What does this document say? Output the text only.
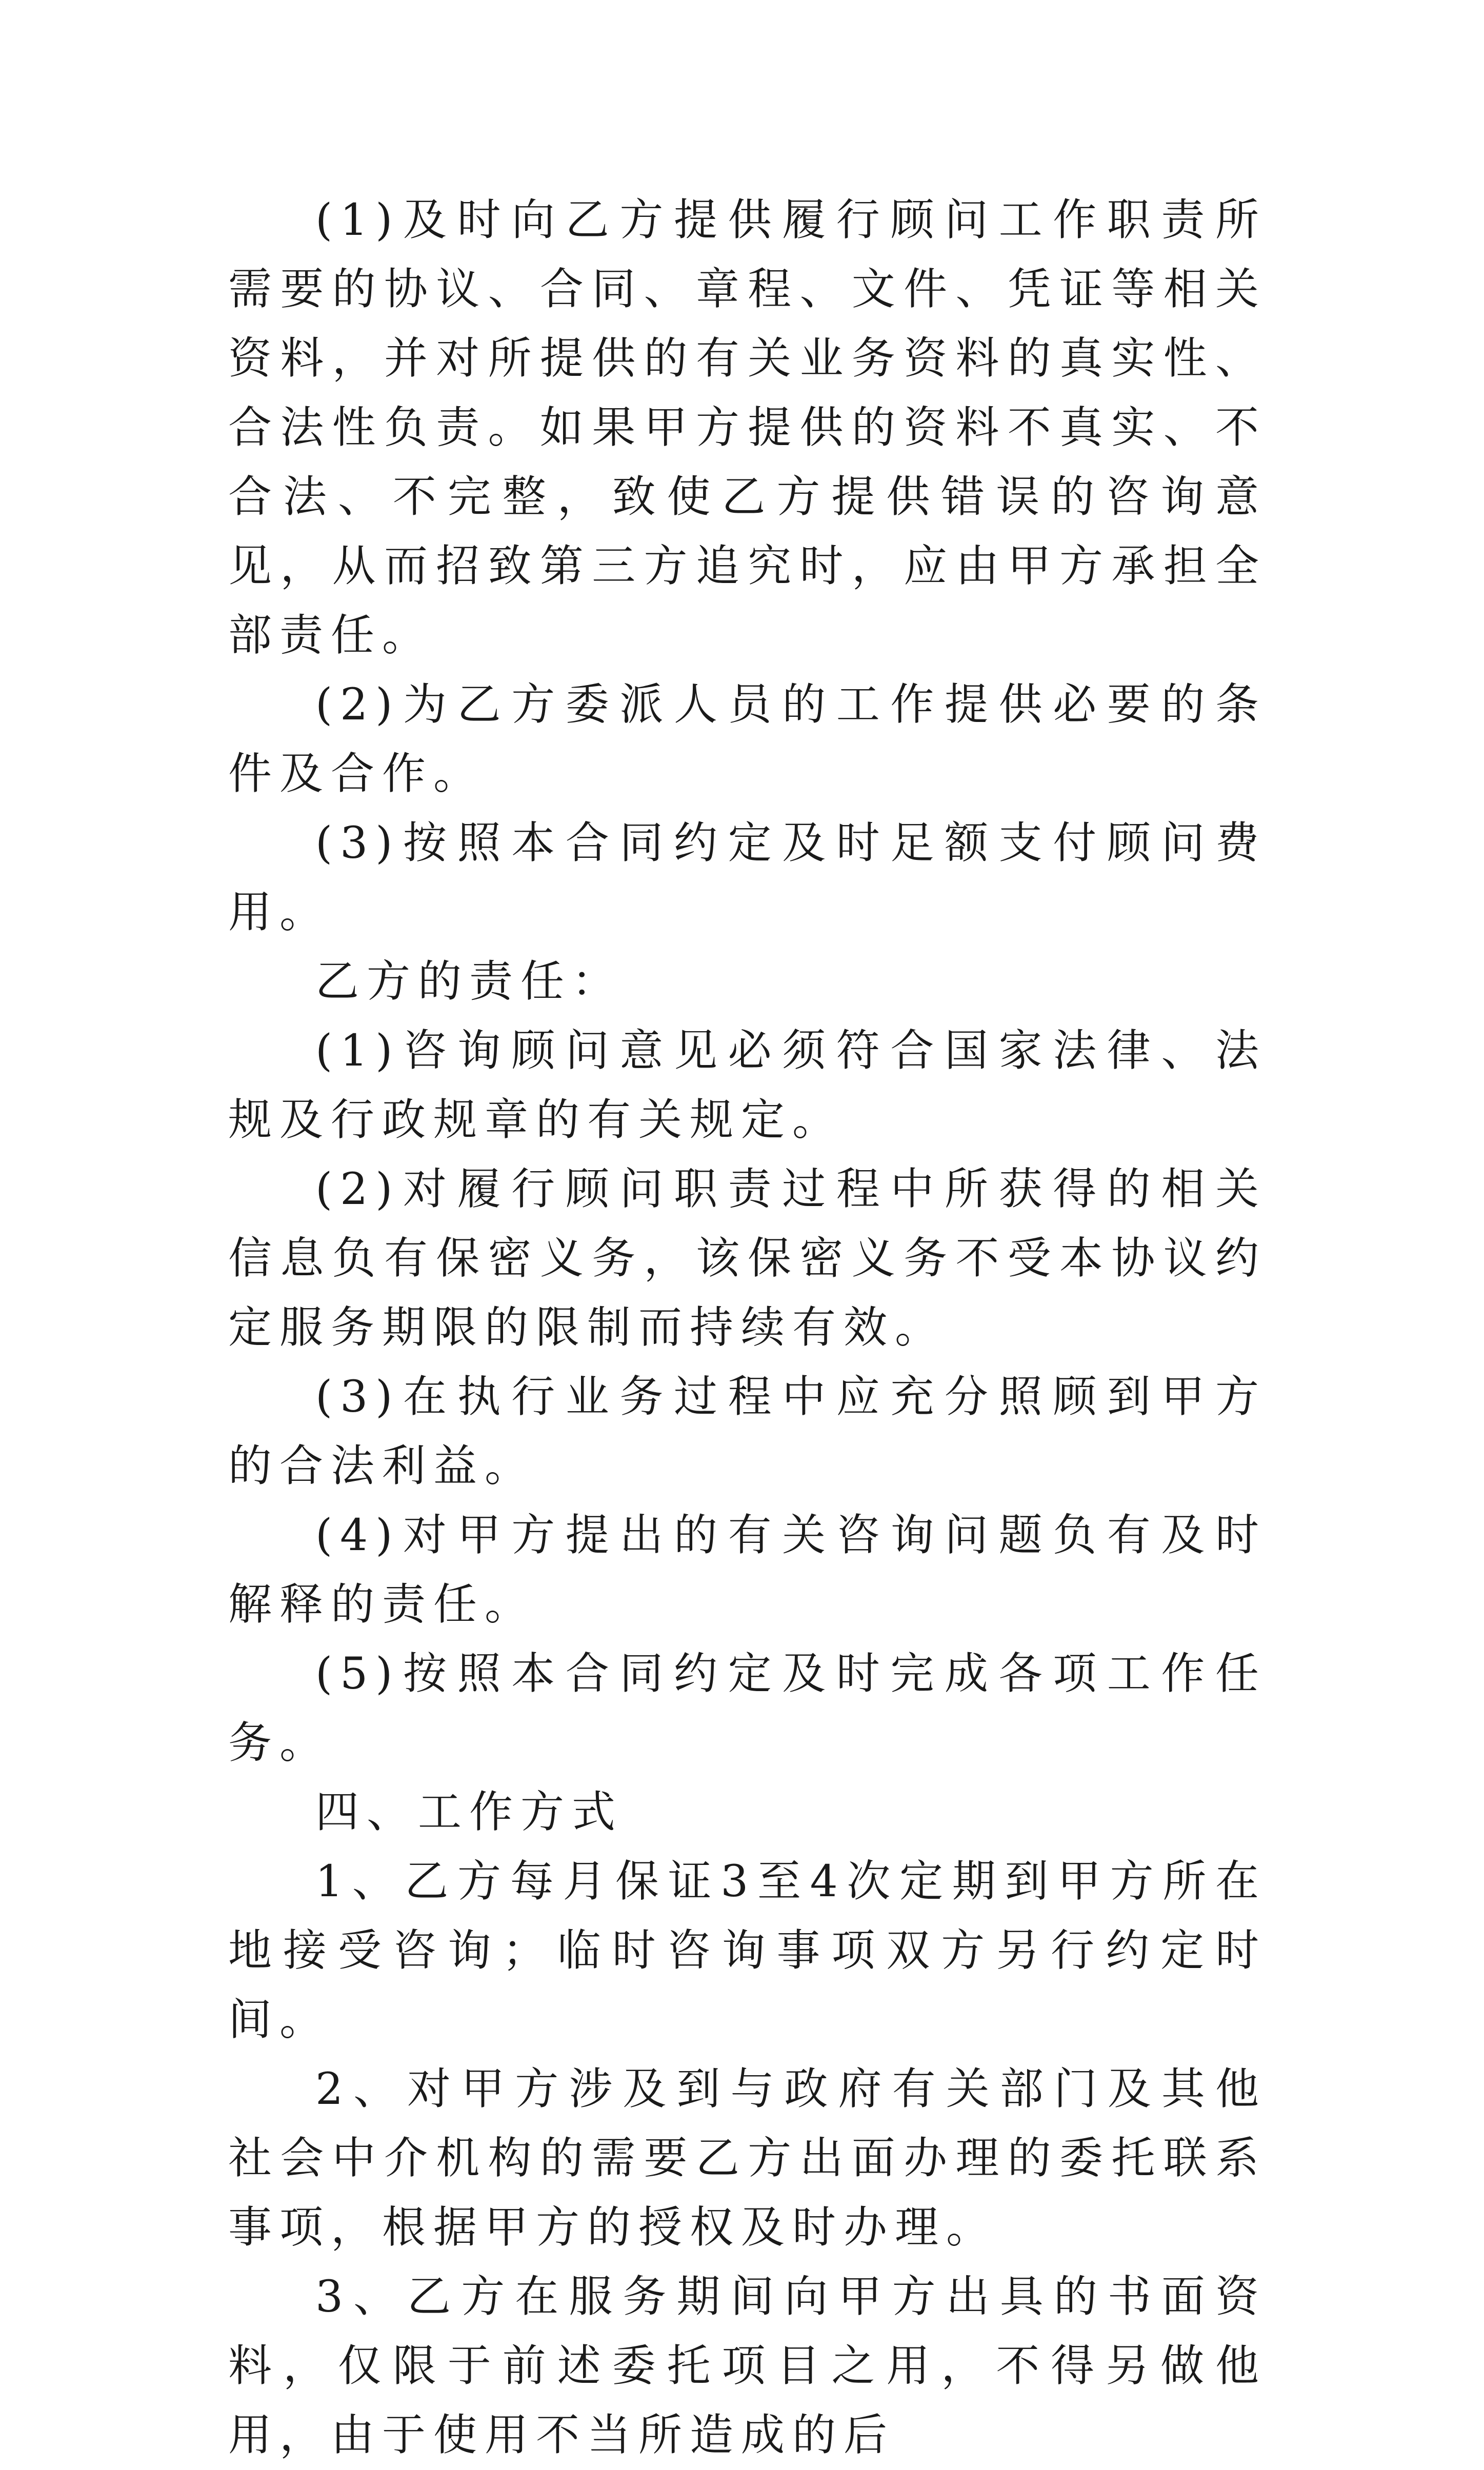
(1)及时向乙方提供履行顾问工作职责所需要的协议、合同、章程、文件、凭证等相关资料，并对所提供的有关业务资料的真实性、合法性负责。如果甲方提供的资料不真实、不合法、不完整，致使乙方提供错误的咨询意见，从而招致第三方追究时，应由甲方承担全部责任。

(2)为乙方委派人员的工作提供必要的条件及合作。

(3)按照本合同约定及时足额支付顾问费用。

乙方的责任：

(1)咨询顾问意见必须符合国家法律、法规及行政规章的有关规定。

(2)对履行顾问职责过程中所获得的相关信息负有保密义务，该保密义务不受本协议约定服务期限的限制而持续有效。

(3)在执行业务过程中应充分照顾到甲方的合法利益。

(4)对甲方提出的有关咨询问题负有及时解释的责任。

(5)按照本合同约定及时完成各项工作任务。

四、工作方式

1、乙方每月保证3至4次定期到甲方所在地接受咨询；临时咨询事项双方另行约定时间。

2、对甲方涉及到与政府有关部门及其他社会中介机构的需要乙方出面办理的委托联系事项，根据甲方的授权及时办理。

3、乙方在服务期间向甲方出具的书面资料，仅限于前述委托项目之用，不得另做他用，由于使用不当所造成的后
